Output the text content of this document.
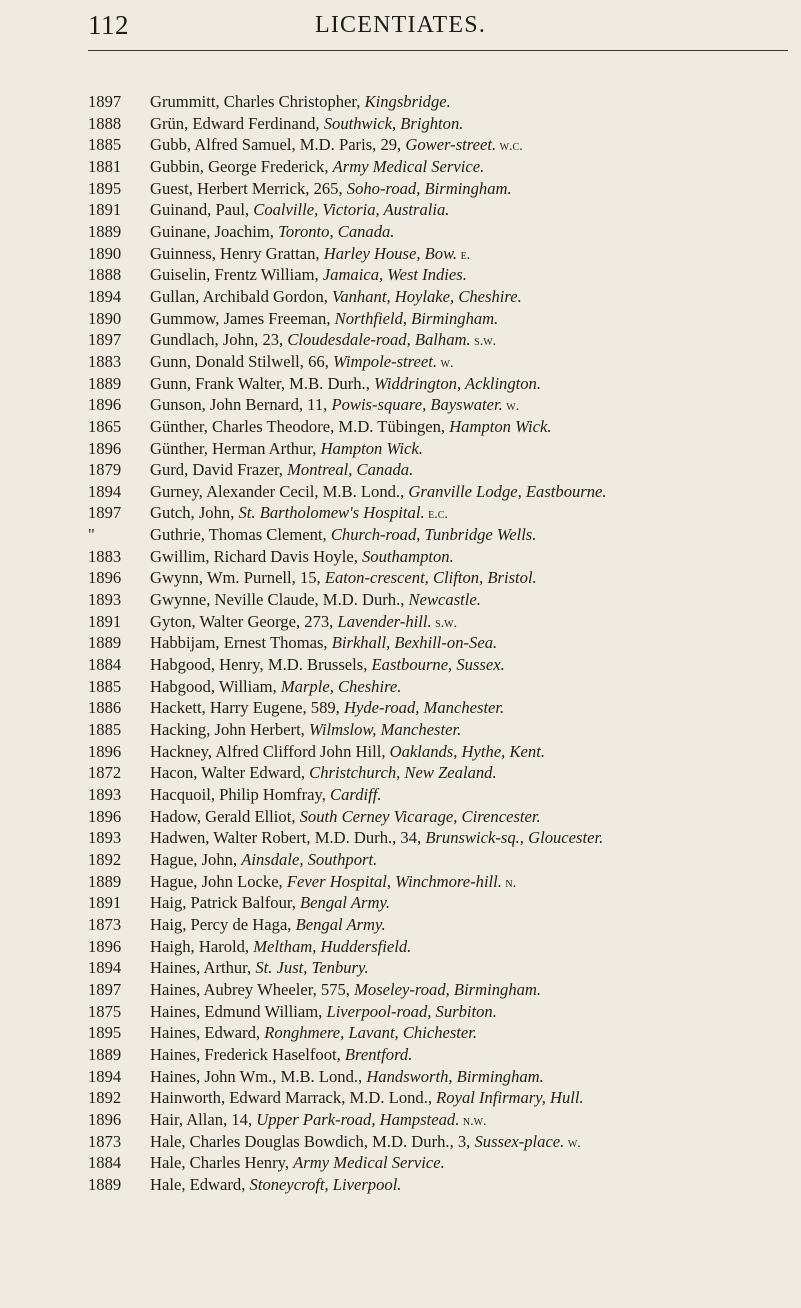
112	LICENTIATES.
1897	Grummitt, Charles Christopher, Kingsbridge.
1888	Grün, Edward Ferdinand, Southwick, Brighton.
1885	Gubb, Alfred Samuel, M.D. Paris, 29, Gower-street. w.c.
1881	Gubbin, George Frederick, Army Medical Service.
1895	Guest, Herbert Merrick, 265, Soho-road, Birmingham.
1891	Guinand, Paul, Coalville, Victoria, Australia.
1889	Guinane, Joachim, Toronto, Canada.
1890	Guinness, Henry Grattan, Harley House, Bow. e.
1888	Guiselin, Frentz William, Jamaica, West Indies.
1894	Gullan, Archibald Gordon, Vanhant, Hoylake, Cheshire.
1890	Gummow, James Freeman, Northfield, Birmingham.
1897	Gundlach, John, 23, Cloudesdale-road, Balham. s.w.
1883	Gunn, Donald Stilwell, 66, Wimpole-street. w.
1889	Gunn, Frank Walter, M.B. Durh., Widdrington, Acklington.
1896	Gunson, John Bernard, 11, Powis-square, Bayswater. w.
1865	Günther, Charles Theodore, M.D. Tübingen, Hampton Wick.
1896	Günther, Herman Arthur, Hampton Wick.
1879	Gurd, David Frazer, Montreal, Canada.
1894	Gurney, Alexander Cecil, M.B. Lond., Granville Lodge, Eastbourne.
1897	Gutch, John, St. Bartholomew's Hospital. e.c.
"	Guthrie, Thomas Clement, Church-road, Tunbridge Wells.
1883	Gwillim, Richard Davis Hoyle, Southampton.
1896	Gwynn, Wm. Purnell, 15, Eaton-crescent, Clifton, Bristol.
1893	Gwynne, Neville Claude, M.D. Durh., Newcastle.
1891	Gyton, Walter George, 273, Lavender-hill. s.w.
1889	Habbijam, Ernest Thomas, Birkhall, Bexhill-on-Sea.
1884	Habgood, Henry, M.D. Brussels, Eastbourne, Sussex.
1885	Habgood, William, Marple, Cheshire.
1886	Hackett, Harry Eugene, 589, Hyde-road, Manchester.
1885	Hacking, John Herbert, Wilmslow, Manchester.
1896	Hackney, Alfred Clifford John Hill, Oaklands, Hythe, Kent.
1872	Hacon, Walter Edward, Christchurch, New Zealand.
1893	Hacquoil, Philip Homfray, Cardiff.
1896	Hadow, Gerald Elliot, South Cerney Vicarage, Cirencester.
1893	Hadwen, Walter Robert, M.D. Durh., 34, Brunswick-sq., Gloucester.
1892	Hague, John, Ainsdale, Southport.
1889	Hague, John Locke, Fever Hospital, Winchmore-hill. n.
1891	Haig, Patrick Balfour, Bengal Army.
1873	Haig, Percy de Haga, Bengal Army.
1896	Haigh, Harold, Meltham, Huddersfield.
1894	Haines, Arthur, St. Just, Tenbury.
1897	Haines, Aubrey Wheeler, 575, Moseley-road, Birmingham.
1875	Haines, Edmund William, Liverpool-road, Surbiton.
1895	Haines, Edward, Ronghmere, Lavant, Chichester.
1889	Haines, Frederick Haselfoot, Brentford.
1894	Haines, John Wm., M.B. Lond., Handsworth, Birmingham.
1892	Hainworth, Edward Marrack, M.D. Lond., Royal Infirmary, Hull.
1896	Hair, Allan, 14, Upper Park-road, Hampstead. n.w.
1873	Hale, Charles Douglas Bowdich, M.D. Durh., 3, Sussex-place. w.
1884	Hale, Charles Henry, Army Medical Service.
1889	Hale, Edward, Stoneycroft, Liverpool.
